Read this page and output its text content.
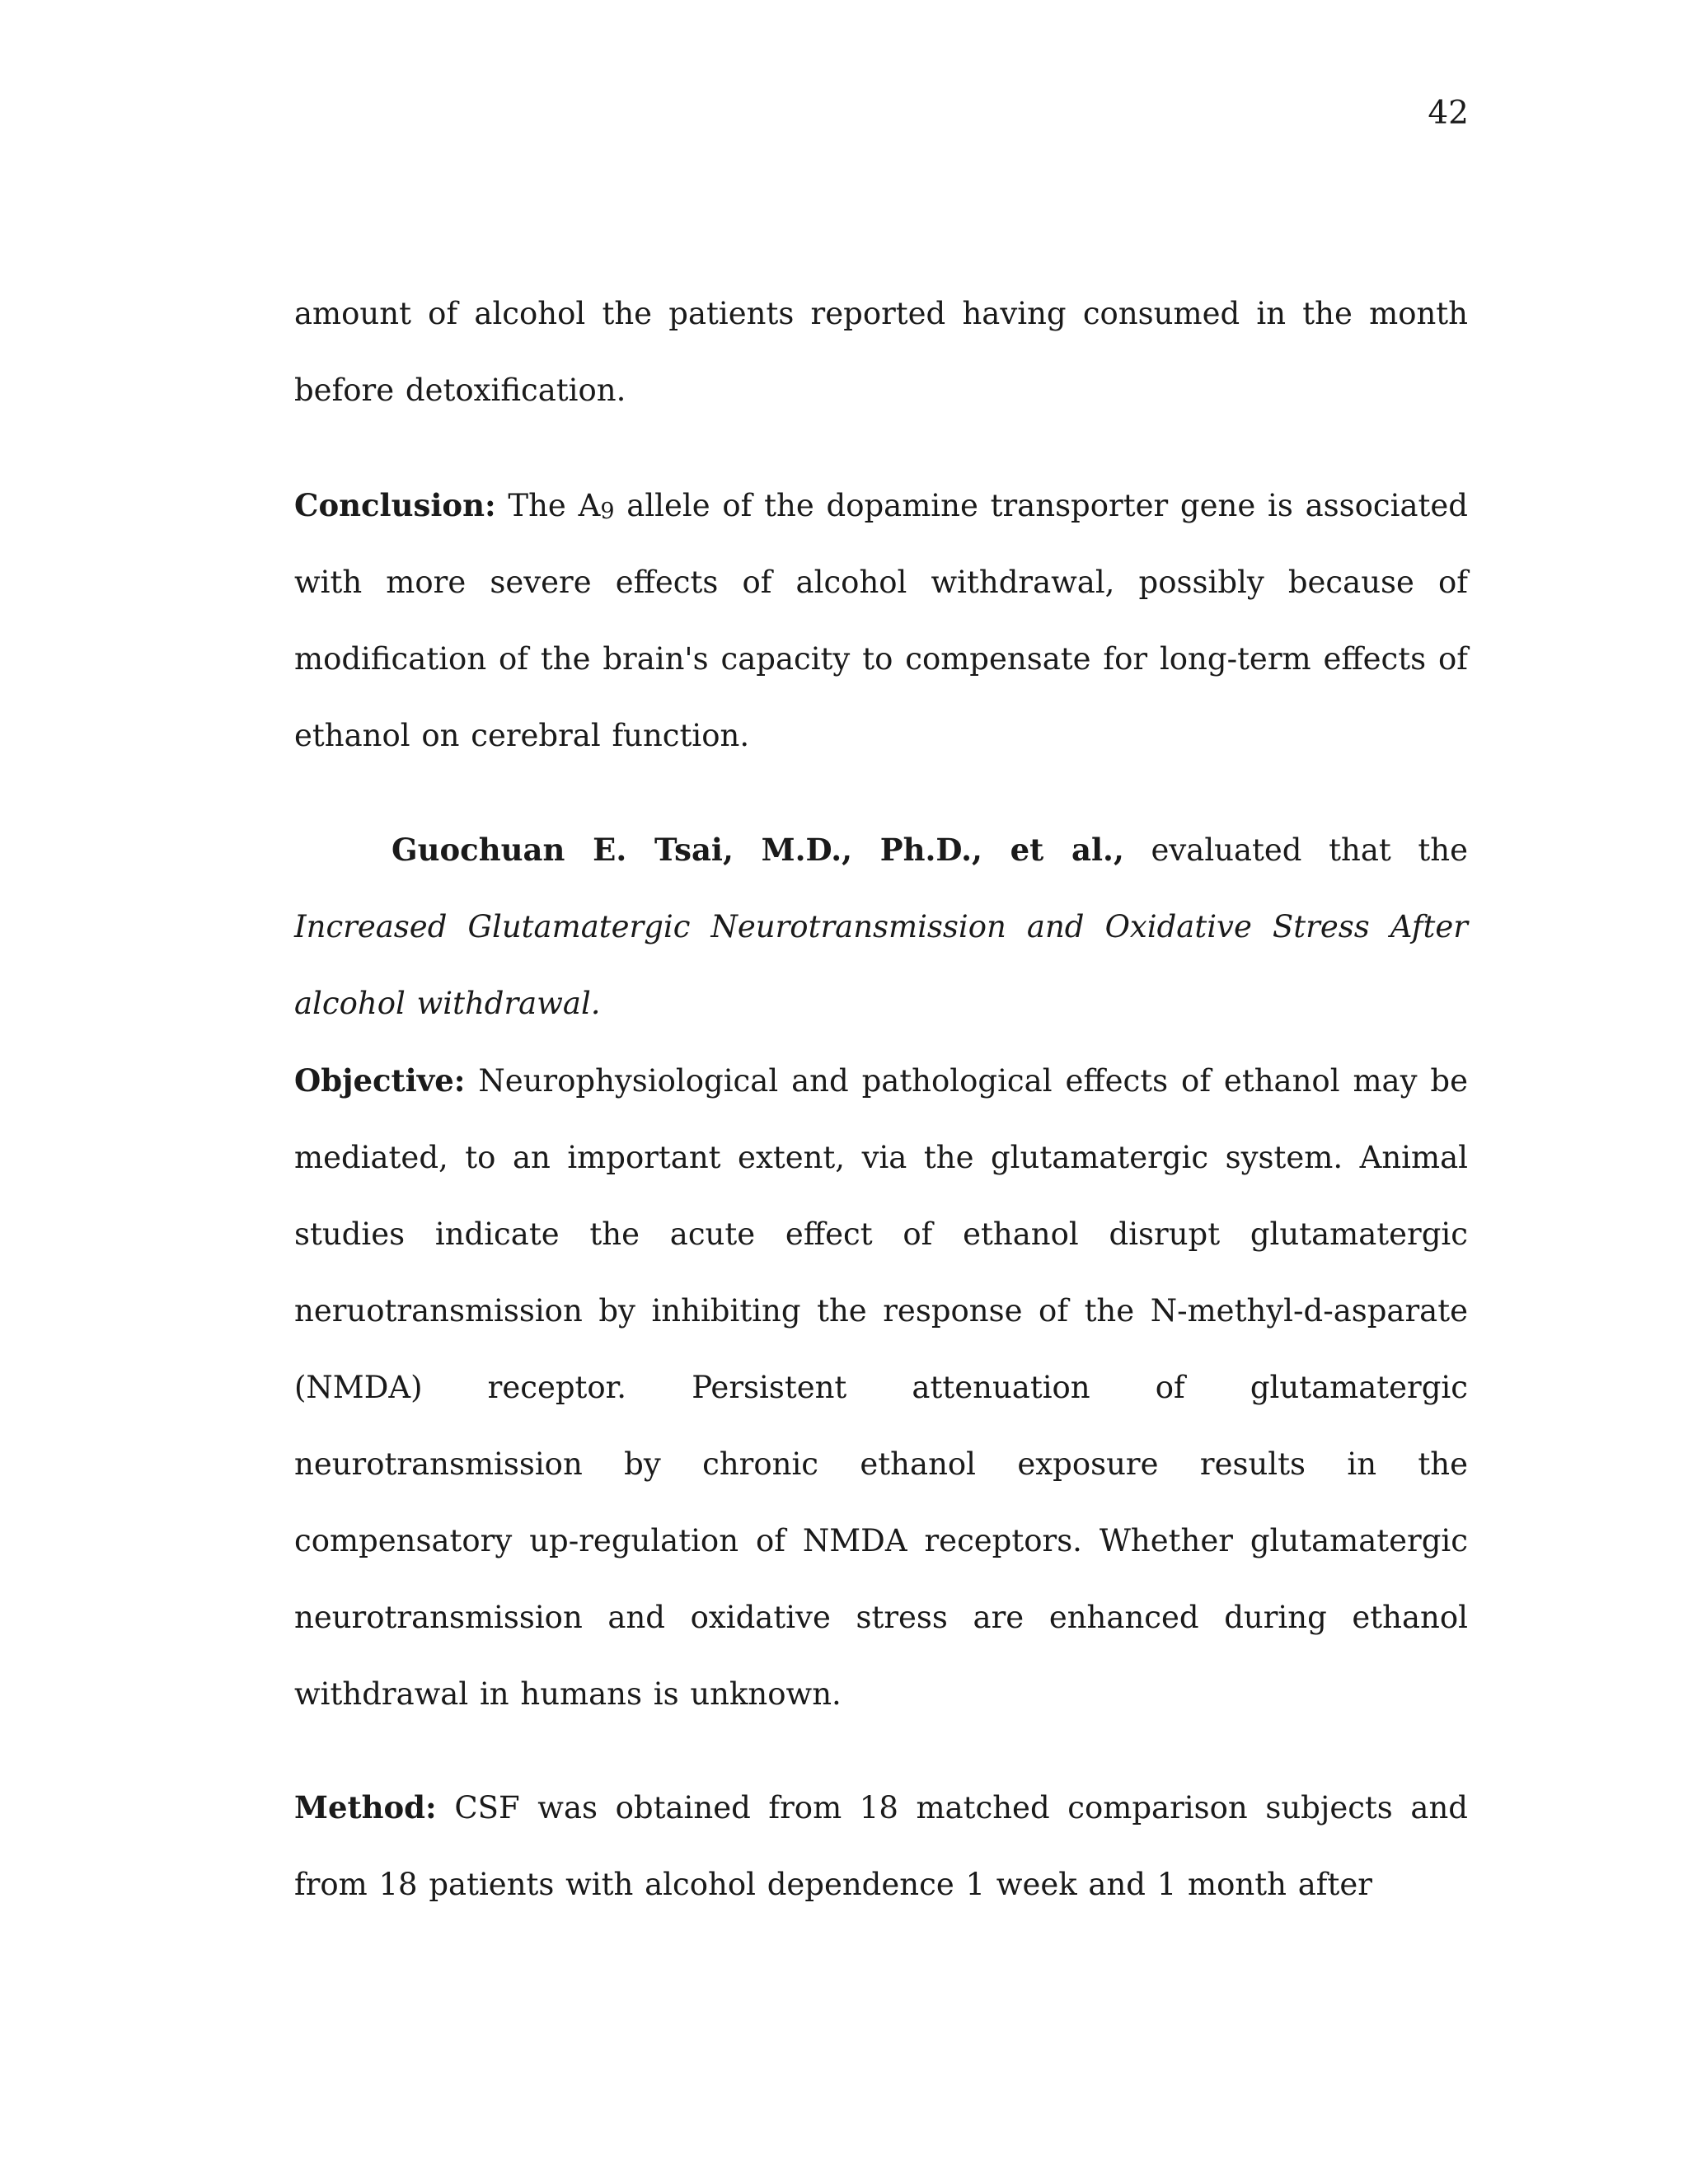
42
amount of alcohol the patients reported having consumed in the month before detoxification.
Conclusion: The A9 allele of the dopamine transporter gene is associated with more severe effects of alcohol withdrawal, possibly because of modification of the brain's capacity to compensate for long-term effects of ethanol on cerebral function.
Guochuan E. Tsai, M.D., Ph.D., et al., evaluated that the Increased Glutamatergic Neurotransmission and Oxidative Stress After alcohol withdrawal.
Objective: Neurophysiological and pathological effects of ethanol may be mediated, to an important extent, via the glutamatergic system. Animal studies indicate the acute effect of ethanol disrupt glutamatergic neruotransmission by inhibiting the response of the N-methyl-d-asparate (NMDA) receptor. Persistent attenuation of glutamatergic neurotransmission by chronic ethanol exposure results in the compensatory up-regulation of NMDA receptors. Whether glutamatergic neurotransmission and oxidative stress are enhanced during ethanol withdrawal in humans is unknown.
Method: CSF was obtained from 18 matched comparison subjects and from 18 patients with alcohol dependence 1 week and 1 month after
